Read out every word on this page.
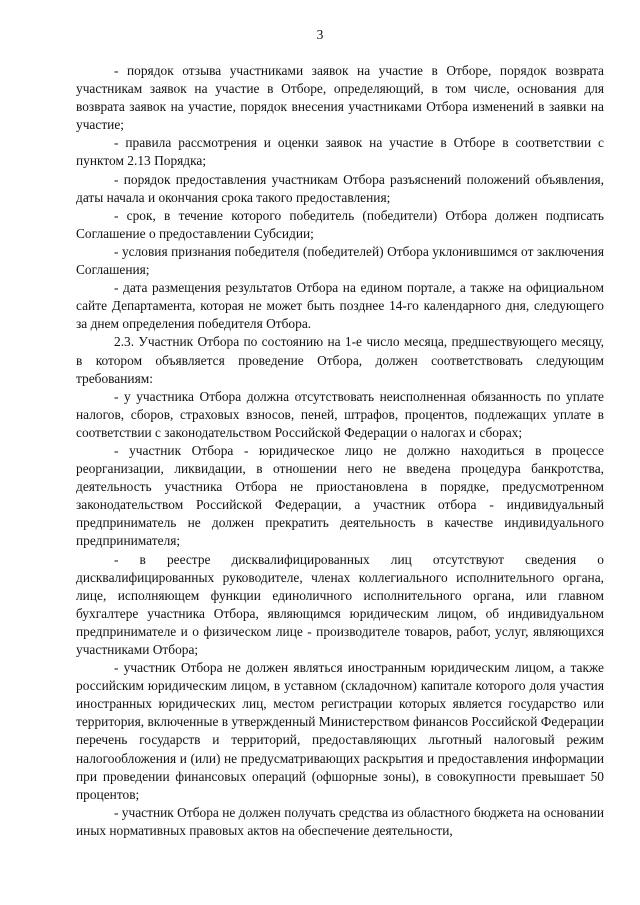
3

- порядок отзыва участниками заявок на участие в Отборе, порядок возврата участникам заявок на участие в Отборе, определяющий, в том числе, основания для возврата заявок на участие, порядок внесения участниками Отбора изменений в заявки на участие;

- правила рассмотрения и оценки заявок на участие в Отборе в соответствии с пунктом 2.13 Порядка;

- порядок предоставления участникам Отбора разъяснений положений объявления, даты начала и окончания срока такого предоставления;

- срок, в течение которого победитель (победители) Отбора должен подписать Соглашение о предоставлении Субсидии;

- условия признания победителя (победителей) Отбора уклонившимся от заключения Соглашения;

- дата размещения результатов Отбора на едином портале, а также на официальном сайте Департамента, которая не может быть позднее 14-го календарного дня, следующего за днем определения победителя Отбора.

2.3. Участник Отбора по состоянию на 1-е число месяца, предшествующего месяцу, в котором объявляется проведение Отбора, должен соответствовать следующим требованиям:

- у участника Отбора должна отсутствовать неисполненная обязанность по уплате налогов, сборов, страховых взносов, пеней, штрафов, процентов, подлежащих уплате в соответствии с законодательством Российской Федерации о налогах и сборах;

- участник Отбора - юридическое лицо не должно находиться в процессе реорганизации, ликвидации, в отношении него не введена процедура банкротства, деятельность участника Отбора не приостановлена в порядке, предусмотренном законодательством Российской Федерации, а участник отбора - индивидуальный предприниматель не должен прекратить деятельность в качестве индивидуального предпринимателя;

- в реестре дисквалифицированных лиц отсутствуют сведения о дисквалифицированных руководителе, членах коллегиального исполнительного органа, лице, исполняющем функции единоличного исполнительного органа, или главном бухгалтере участника Отбора, являющимся юридическим лицом, об индивидуальном предпринимателе и о физическом лице - производителе товаров, работ, услуг, являющихся участниками Отбора;

- участник Отбора не должен являться иностранным юридическим лицом, а также российским юридическим лицом, в уставном (складочном) капитале которого доля участия иностранных юридических лиц, местом регистрации которых является государство или территория, включенные в утвержденный Министерством финансов Российской Федерации перечень государств и территорий, предоставляющих льготный налоговый режим налогообложения и (или) не предусматривающих раскрытия и предоставления информации при проведении финансовых операций (офшорные зоны), в совокупности превышает 50 процентов;

- участник Отбора не должен получать средства из областного бюджета на основании иных нормативных правовых актов на обеспечение деятельности,
